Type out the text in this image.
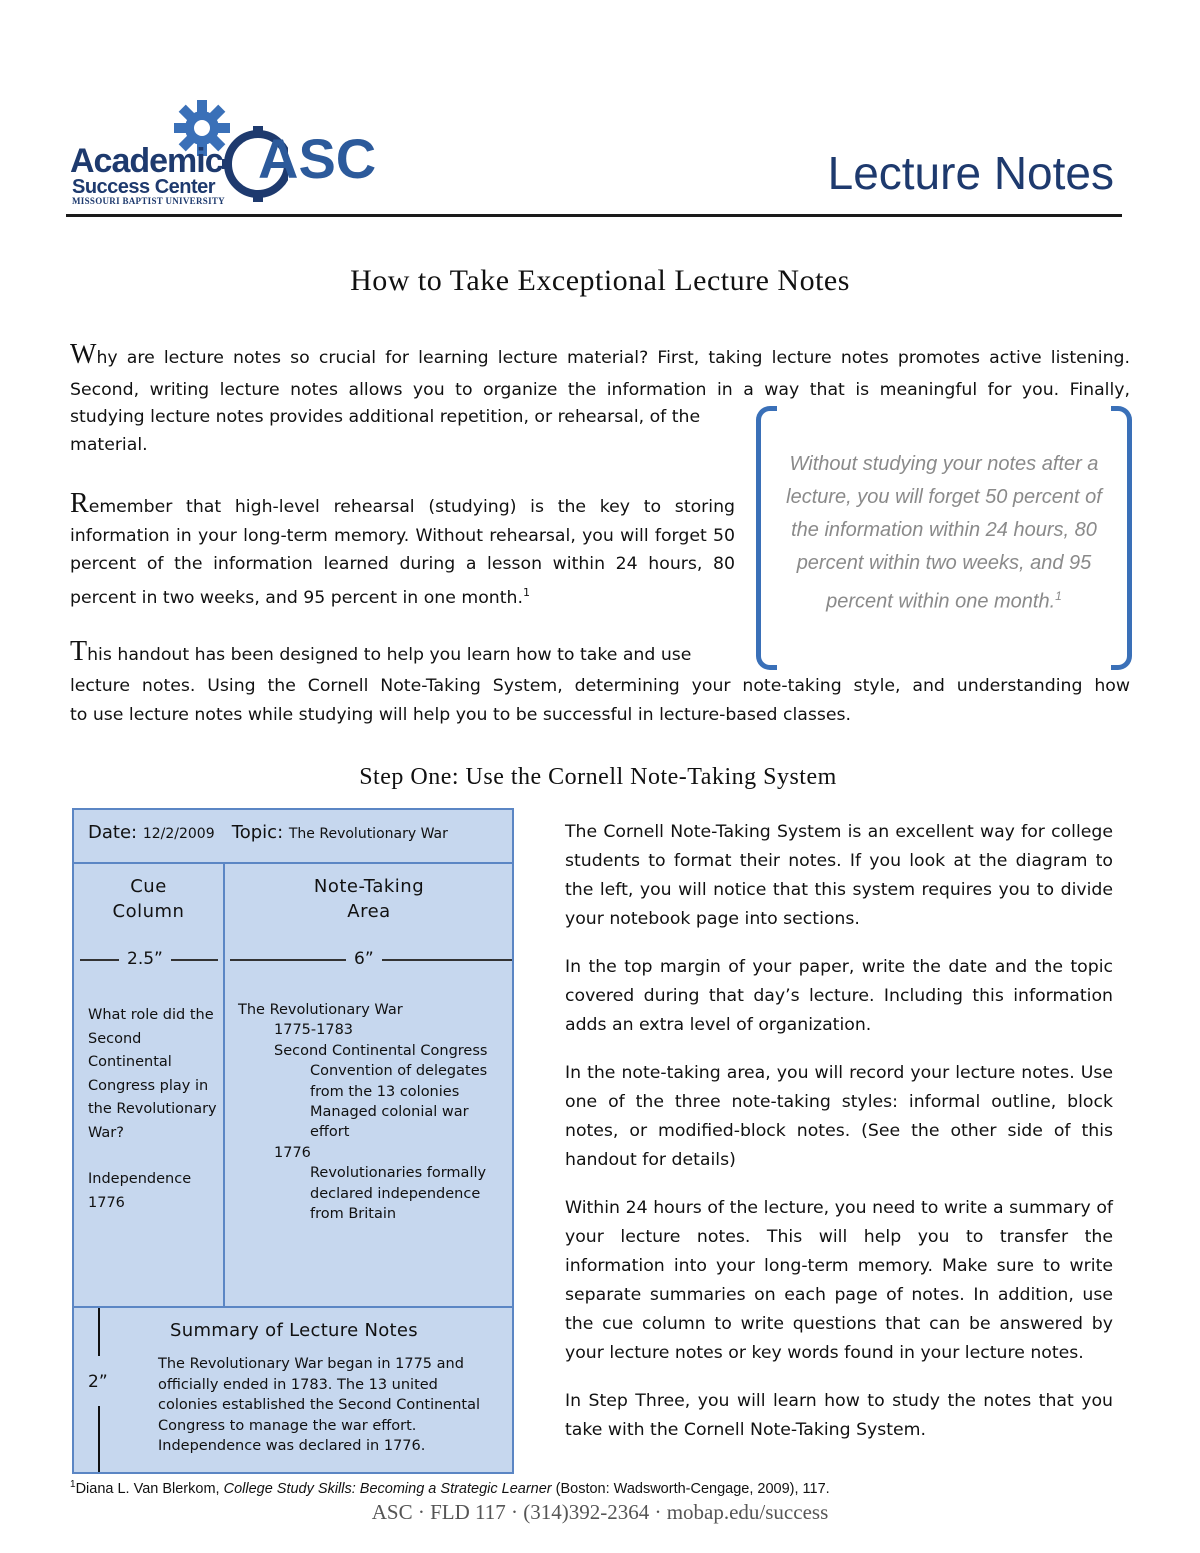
Academic
Success Center
MISSOURI BAPTIST UNIVERSITY
ASC	Lecture Notes
How to Take Exceptional Lecture Notes
Why are lecture notes so crucial for learning lecture material? First, taking lecture notes promotes active listening.
Second, writing lecture notes allows you to organize the information in a way that is meaningful for you. Finally,
studying lecture notes provides additional repetition, or rehearsal, of the
material.
Remember that high-level rehearsal (studying) is the key to storing information in your long-term memory. Without rehearsal, you will forget 50 percent of the information learned during a lesson within 24 hours, 80 percent in two weeks, and 95 percent in one month.$^1$
Without studying your notes after a lecture, you will forget 50 percent of the information within 24 hours, 80 percent within two weeks, and 95 percent within one month.$^1$
This handout has been designed to help you learn how to take and use
lecture notes. Using the Cornell Note-Taking System, determining your note-taking style, and understanding how
to use lecture notes while studying will help you to be successful in lecture-based classes.
Step One: Use the Cornell Note-Taking System
Date: 12/2/2009 Topic: The Revolutionary War
Cue
Column
Note-Taking
Area
2.5”	6”
What role did the Second Continental Congress play in the Revolutionary War?
Independence
1776
The Revolutionary War
1775-1783
Second Continental Congress
Convention of delegates from the 13 colonies
Managed colonial war effort
1776
Revolutionaries formally declared independence from Britain
2”
Summary of Lecture Notes
The Revolutionary War began in 1775 and officially ended in 1783. The 13 united colonies established the Second Continental Congress to manage the war effort. Independence was declared in 1776.
The Cornell Note-Taking System is an excellent way for college students to format their notes. If you look at the diagram to the left, you will notice that this system requires you to divide your notebook page into sections.
In the top margin of your paper, write the date and the topic covered during that day’s lecture. Including this information adds an extra level of organization.
In the note-taking area, you will record your lecture notes. Use one of the three note-taking styles: informal outline, block notes, or modified-block notes. (See the other side of this handout for details)
Within 24 hours of the lecture, you need to write a summary of your lecture notes. This will help you to transfer the information into your long-term memory. Make sure to write separate summaries on each page of notes. In addition, use the cue column to write questions that can be answered by your lecture notes or key words found in your lecture notes.
In Step Three, you will learn how to study the notes that you take with the Cornell Note-Taking System.
$^1$Diana L. Van Blerkom, College Study Skills: Becoming a Strategic Learner (Boston: Wadsworth-Cengage, 2009), 117.
ASC · FLD 117 · (314)392-2364 · mobap.edu/success
